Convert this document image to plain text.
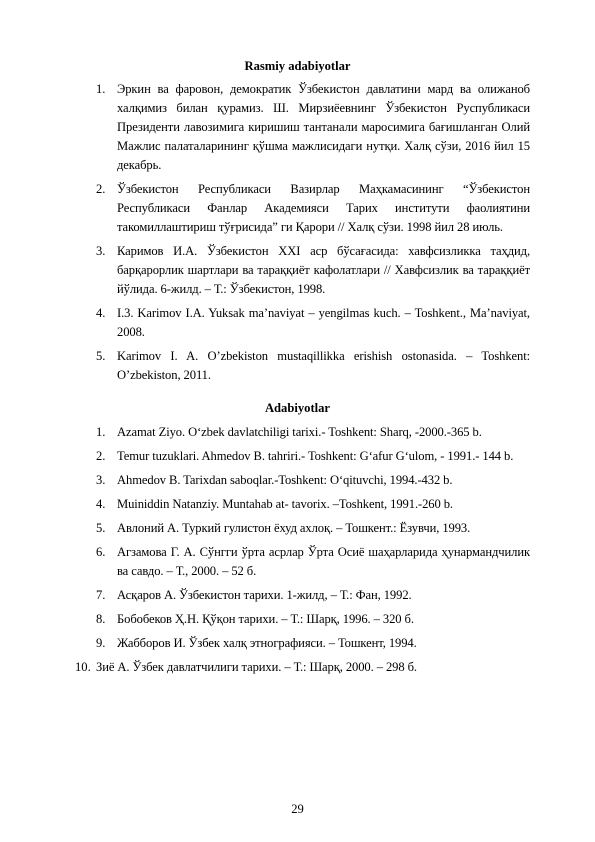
Rasmiy adabiyotlar
1. Эркин ва фаровон, демократик Ўзбекистон давлатини мард ва олижаноб халқимиз билан қурамиз. Ш. Мирзиёевнинг Ўзбекистон Руспубликаси Президенти лавозимига киришиш тантанали маросимига бағишланган Олий Мажлис палаталарининг қўшма мажлисидаги нутқи. Халқ сўзи, 2016 йил 15 декабрь.
2. Ўзбекистон Республикаси Вазирлар Маҳкамасининг “Ўзбекистон Республикаси Фанлар Академияси Тарих институти фаолиятини такомиллаштириш тўғрисида” ги Қарори // Халқ сўзи. 1998 йил 28 июль.
3. Каримов И.А. Ўзбекистон XXI аср бўсағасида: хавфсизликка таҳдид, барқарорлик шартлари ва тараққиёт кафолатлари // Хавфсизлик ва тараққиёт йўлида. 6-жилд. – Т.: Ўзбекистон, 1998.
4. I.3. Karimov I.A. Yuksak ma’naviyat – yengilmas kuch. – Toshkent., Ma’naviyat, 2008.
5. Karimov I. A. O’zbekiston mustaqillikka erishish ostonasida. – Toshkent: O’zbekiston, 2011.
Adabiyotlar
1. Azamat Ziyo. O‘zbek davlatchiligi tarixi.- Toshkent: Sharq, -2000.-365 b.
2. Temur tuzuklari. Ahmedov B. tahriri.- Toshkent: G‘afur G‘ulom, - 1991.- 144 b.
3. Ahmedov B. Tarixdan saboqlar.-Toshkent: O‘qituvchi, 1994.-432 b.
4. Muiniddin Natanziy. Muntahab at- tavorix. –Toshkent, 1991.-260 b.
5. Авлоний А. Туркий гулистон ёхуд ахлоқ. – Тошкент.: Ёзувчи, 1993.
6. Агзамова Г. А. Сўнгги ўрта асрлар Ўрта Осиё шаҳарларида ҳунармандчилик ва савдо. – Т., 2000. – 52 б.
7. Асқаров А. Ўзбекистон тарихи. 1-жилд, – Т.: Фан, 1992.
8. Бобобеков Ҳ.Н. Қўқон тарихи. – Т.: Шарқ, 1996. – 320 б.
9. Жабборов И. Ўзбек халқ этнографияси. – Тошкент, 1994.
10. Зиё А. Ўзбек давлатчилиги тарихи. – Т.: Шарқ, 2000. – 298 б.
29
